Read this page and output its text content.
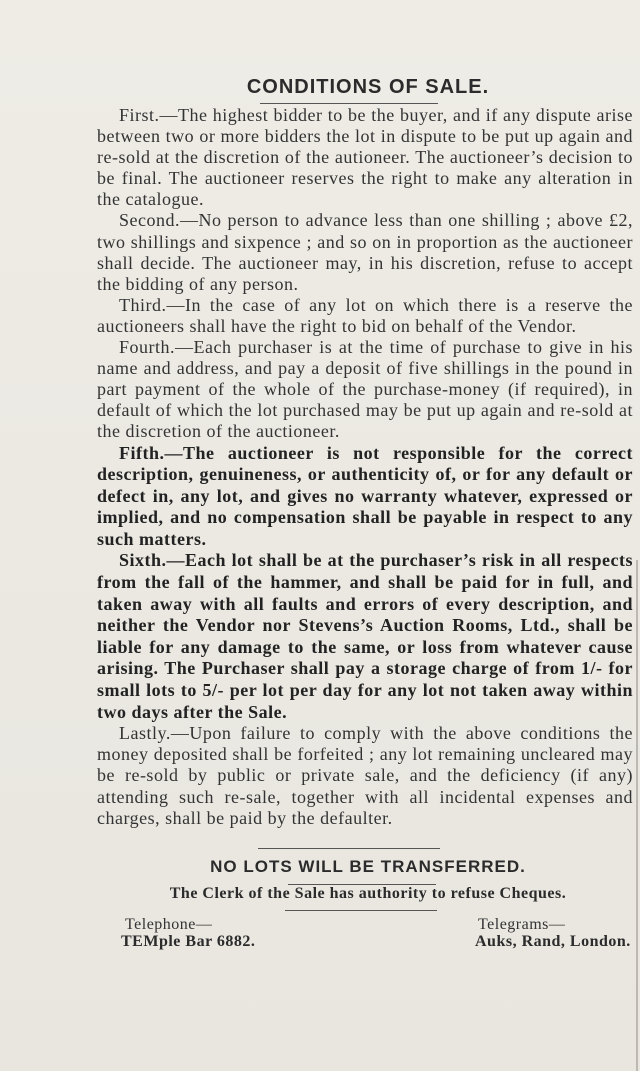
CONDITIONS OF SALE.

First.—The highest bidder to be the buyer, and if any dispute arise between two or more bidders the lot in dispute to be put up again and re-sold at the discretion of the autioneer. The auctioneer’s decision to be final. The auctioneer reserves the right to make any alteration in the catalogue.

Second.—No person to advance less than one shilling ; above £2, two shillings and sixpence ; and so on in proportion as the auctioneer shall decide. The auctioneer may, in his discretion, refuse to accept the bidding of any person.

Third.—In the case of any lot on which there is a reserve the auctioneers shall have the right to bid on behalf of the Vendor.

Fourth.—Each purchaser is at the time of purchase to give in his name and address, and pay a deposit of five shillings in the pound in part payment of the whole of the purchase-money (if required), in default of which the lot purchased may be put up again and re-sold at the discretion of the auctioneer.

Fifth.—The auctioneer is not responsible for the correct description, genuineness, or authenticity of, or for any default or defect in, any lot, and gives no warranty whatever, expressed or implied, and no compensation shall be payable in respect to any such matters.

Sixth.—Each lot shall be at the purchaser’s risk in all respects from the fall of the hammer, and shall be paid for in full, and taken away with all faults and errors of every description, and neither the Vendor nor Stevens’s Auction Rooms, Ltd., shall be liable for any damage to the same, or loss from whatever cause arising. The Purchaser shall pay a storage charge of from 1/- for small lots to 5/- per lot per day for any lot not taken away within two days after the Sale.

Lastly.—Upon failure to comply with the above conditions the money deposited shall be forfeited ; any lot remaining uncleared may be re-sold by public or private sale, and the deficiency (if any) attending such re-sale, together with all incidental expenses and charges, shall be paid by the defaulter.

NO LOTS WILL BE TRANSFERRED.
The Clerk of the Sale has authority to refuse Cheques.
Telephone—
TEMple Bar 6882.
Telegrams—
Auks, Rand, London.
